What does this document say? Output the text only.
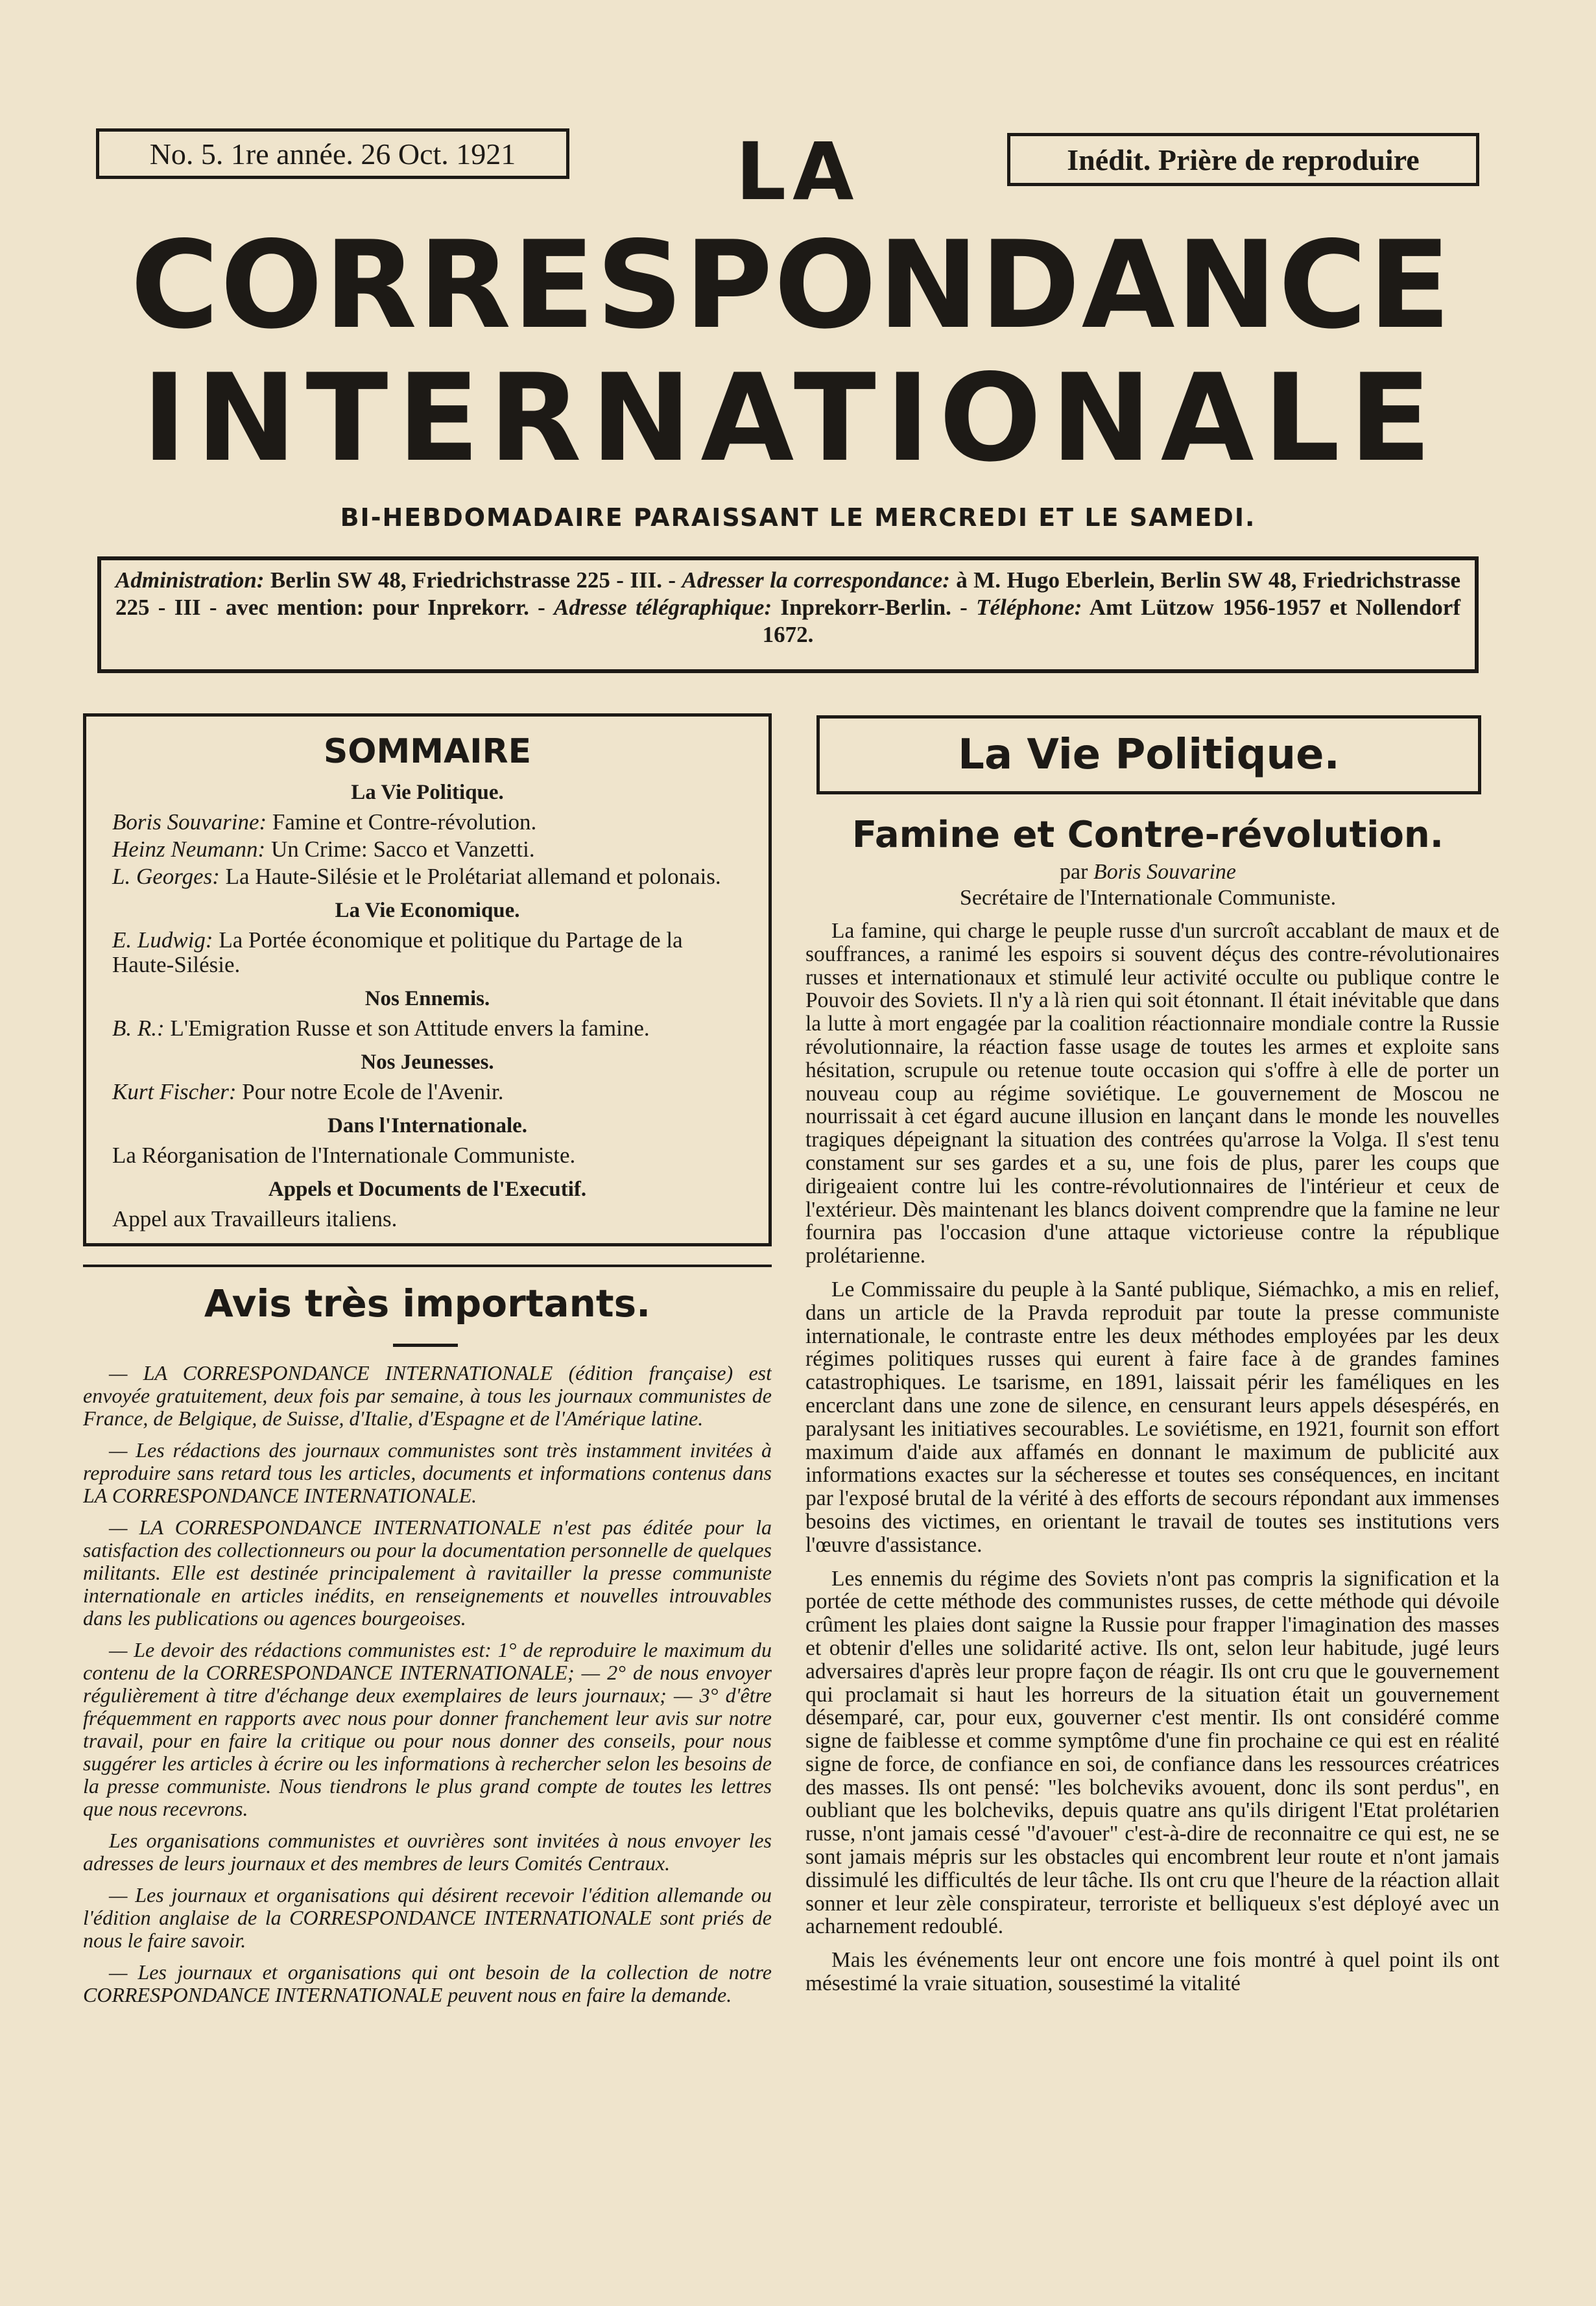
No. 5. 1re année. 26 Oct. 1921	Inédit. Prière de reproduire
LA
CORRESPONDANCE
INTERNATIONALE
BI-HEBDOMADAIRE PARAISSANT LE MERCREDI ET LE SAMEDI.
Administration: Berlin SW 48, Friedrichstrasse 225 - III. - Adresser la correspondance: à M. Hugo Eberlein, Berlin SW 48, Friedrichstrasse 225 - III - avec mention: pour Inprekorr. - Adresse télégraphique: Inprekorr-Berlin. - Téléphone: Amt Lützow 1956-1957 et Nollendorf 1672.
SOMMAIRE
La Vie Politique.
Boris Souvarine: Famine et Contre-révolution.
Heinz Neumann: Un Crime: Sacco et Vanzetti.
L. Georges: La Haute-Silésie et le Prolétariat allemand et polonais.
La Vie Economique.
E. Ludwig: La Portée économique et politique du Partage de la Haute-Silésie.
Nos Ennemis.
B. R.: L'Emigration Russe et son Attitude envers la famine.
Nos Jeunesses.
Kurt Fischer: Pour notre Ecole de l'Avenir.
Dans l'Internationale.
La Réorganisation de l'Internationale Communiste.
Appels et Documents de l'Executif.
Appel aux Travailleurs italiens.
Avis très importants.

— LA CORRESPONDANCE INTERNATIONALE (édition française) est envoyée gratuitement, deux fois par semaine, à tous les journaux communistes de France, de Belgique, de Suisse, d'Italie, d'Espagne et de l'Amérique latine.

— Les rédactions des journaux communistes sont très instamment invitées à reproduire sans retard tous les articles, documents et informations contenus dans LA CORRESPONDANCE INTERNATIONALE.

— LA CORRESPONDANCE INTERNATIONALE n'est pas éditée pour la satisfaction des collectionneurs ou pour la documentation personnelle de quelques militants. Elle est destinée principalement à ravitailler la presse communiste internationale en articles inédits, en renseignements et nouvelles introuvables dans les publications ou agences bourgeoises.

— Le devoir des rédactions communistes est: 1° de reproduire le maximum du contenu de la CORRESPONDANCE INTERNATIONALE; — 2° de nous envoyer régulièrement à titre d'échange deux exemplaires de leurs journaux; — 3° d'être fréquemment en rapports avec nous pour donner franchement leur avis sur notre travail, pour en faire la critique ou pour nous donner des conseils, pour nous suggérer les articles à écrire ou les informations à rechercher selon les besoins de la presse communiste. Nous tiendrons le plus grand compte de toutes les lettres que nous recevrons.

Les organisations communistes et ouvrières sont invitées à nous envoyer les adresses de leurs journaux et des membres de leurs Comités Centraux.

— Les journaux et organisations qui désirent recevoir l'édition allemande ou l'édition anglaise de la CORRESPONDANCE INTERNATIONALE sont priés de nous le faire savoir.

— Les journaux et organisations qui ont besoin de la collection de notre CORRESPONDANCE INTERNATIONALE peuvent nous en faire la demande.

La Vie Politique.
Famine et Contre-révolution.
par Boris Souvarine
Secrétaire de l'Internationale Communiste.

La famine, qui charge le peuple russe d'un surcroît accablant de maux et de souffrances, a ranimé les espoirs si souvent déçus des contre-révolutionaires russes et internationaux et stimulé leur activité occulte ou publique contre le Pouvoir des Soviets. Il n'y a là rien qui soit étonnant. Il était inévitable que dans la lutte à mort engagée par la coalition réactionnaire mondiale contre la Russie révolutionnaire, la réaction fasse usage de toutes les armes et exploite sans hésitation, scrupule ou retenue toute occasion qui s'offre à elle de porter un nouveau coup au régime soviétique. Le gouvernement de Moscou ne nourrissait à cet égard aucune illusion en lançant dans le monde les nouvelles tragiques dépeignant la situation des contrées qu'arrose la Volga. Il s'est tenu constament sur ses gardes et a su, une fois de plus, parer les coups que dirigeaient contre lui les contre-révolutionnaires de l'intérieur et ceux de l'extérieur. Dès maintenant les blancs doivent comprendre que la famine ne leur fournira pas l'occasion d'une attaque victorieuse contre la république prolétarienne.

Le Commissaire du peuple à la Santé publique, Siémachko, a mis en relief, dans un article de la Pravda reproduit par toute la presse communiste internationale, le contraste entre les deux méthodes employées par les deux régimes politiques russes qui eurent à faire face à de grandes famines catastrophiques. Le tsarisme, en 1891, laissait périr les faméliques en les encerclant dans une zone de silence, en censurant leurs appels désespérés, en paralysant les initiatives secourables. Le soviétisme, en 1921, fournit son effort maximum d'aide aux affamés en donnant le maximum de publicité aux informations exactes sur la sécheresse et toutes ses conséquences, en incitant par l'exposé brutal de la vérité à des efforts de secours répondant aux immenses besoins des victimes, en orientant le travail de toutes ses institutions vers l'œuvre d'assistance.

Les ennemis du régime des Soviets n'ont pas compris la signification et la portée de cette méthode des communistes russes, de cette méthode qui dévoile crûment les plaies dont saigne la Russie pour frapper l'imagination des masses et obtenir d'elles une solidarité active. Ils ont, selon leur habitude, jugé leurs adversaires d'après leur propre façon de réagir. Ils ont cru que le gouvernement qui proclamait si haut les horreurs de la situation était un gouvernement désemparé, car, pour eux, gouverner c'est mentir. Ils ont considéré comme signe de faiblesse et comme symptôme d'une fin prochaine ce qui est en réalité signe de force, de confiance en soi, de confiance dans les ressources créatrices des masses. Ils ont pensé: "les bolcheviks avouent, donc ils sont perdus", en oubliant que les bolcheviks, depuis quatre ans qu'ils dirigent l'Etat prolétarien russe, n'ont jamais cessé "d'avouer" c'est-à-dire de reconnaitre ce qui est, ne se sont jamais mépris sur les obstacles qui encombrent leur route et n'ont jamais dissimulé les difficultés de leur tâche. Ils ont cru que l'heure de la réaction allait sonner et leur zèle conspirateur, terroriste et belliqueux s'est déployé avec un acharnement redoublé.

Mais les événements leur ont encore une fois montré à quel point ils ont mésestimé la vraie situation, sousestimé la vitalité
